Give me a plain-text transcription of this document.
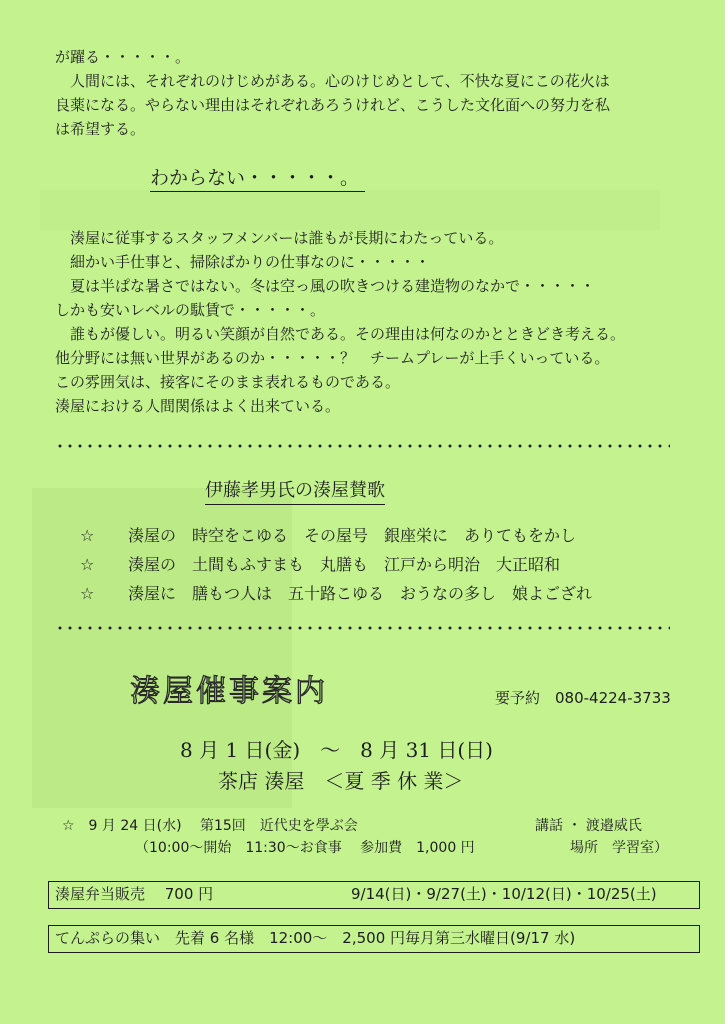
が躍る・・・・・。
人間には、それぞれのけじめがある。心のけじめとして、不快な夏にこの花火は
良薬になる。やらない理由はそれぞれあろうけれど、こうした文化面への努力を私
は希望する。
わからない・・・・・。
湊屋に従事するスタッフメンバーは誰もが長期にわたっている。
細かい手仕事と、掃除ばかりの仕事なのに・・・・・
夏は半ぱな暑さではない。冬は空っ風の吹きつける建造物のなかで・・・・・
しかも安いレベルの駄賃で・・・・・。
誰もが優しい。明るい笑顔が自然である。その理由は何なのかとときどき考える。
他分野には無い世界があるのか・・・・・？　チームプレーが上手くいっている。
この雰囲気は、接客にそのまま表れるものである。
湊屋における人間関係はよく出来ている。
伊藤孝男氏の湊屋賛歌
☆ 湊屋の　時空をこゆる　その屋号　銀座栄に　ありてもをかし
☆ 湊屋の　土間もふすまも　丸膳も　江戸から明治　大正昭和
☆ 湊屋に　膳もつ人は　五十路こゆる　おうなの多し　娘よござれ
湊屋催事案内	要予約　080-4224-3733
8 月 1 日(金)　～　8 月 31 日(日)
茶店 湊屋　＜夏 季 休 業＞
☆　9 月 24 日(水)　 第15回　近代史を學ぶ会	講話 ・ 渡邉威氏
（10:00～開始　11:30～お食事　 参加費　1,000 円	場所　学習室）
湊屋弁当販売　 700 円	9/14(日)・9/27(土)・10/12(日)・10/25(土)
てんぷらの集い　先着 6 名様　12:00～　2,500 円毎月第三水曜日(9/17 水)
